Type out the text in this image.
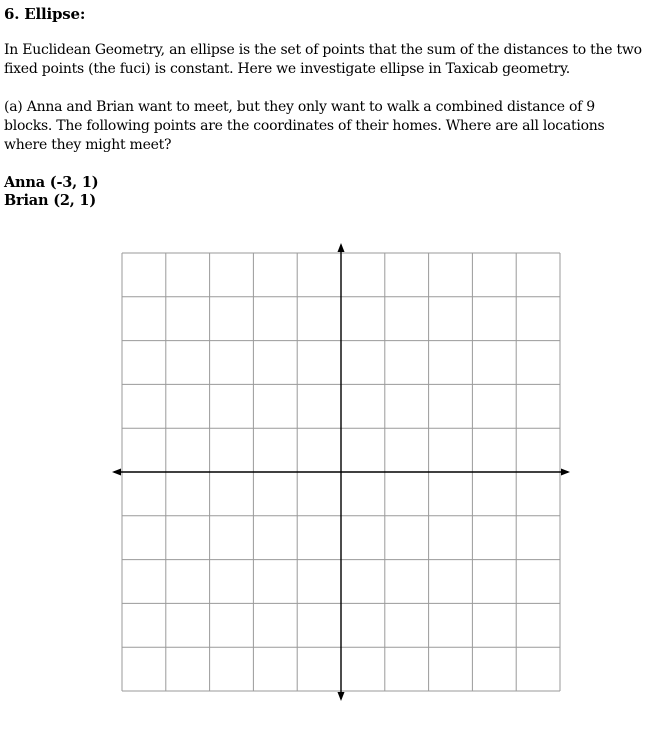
6. Ellipse:

In Euclidean Geometry, an ellipse is the set of points that the sum of the distances to the two fixed points (the fuci) is constant. Here we investigate ellipse in Taxicab geometry.

(a) Anna and Brian want to meet, but they only want to walk a combined distance of 9 blocks. The following points are the coordinates of their homes. Where are all locations where they might meet?

Anna (-3, 1)

Brian (2, 1)
